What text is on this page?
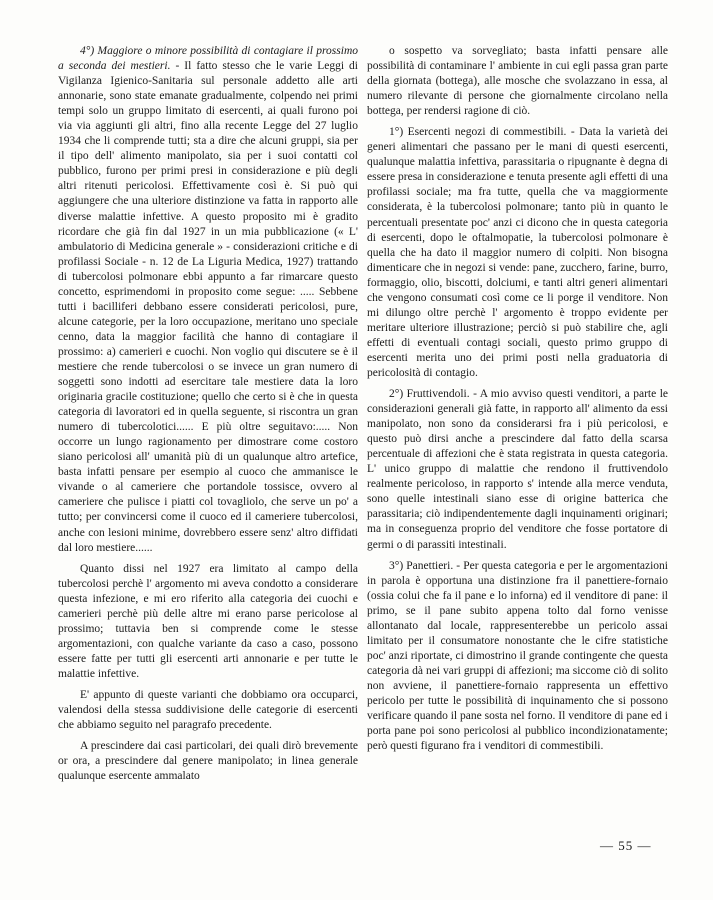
4°) Maggiore o minore possibilità di contagiare il prossimo a seconda dei mestieri. - Il fatto stesso che le varie Leggi di Vigilanza Igienico-Sanitaria sul personale addetto alle arti annonarie, sono state emanate gradualmente, colpendo nei primi tempi solo un gruppo limitato di esercenti, ai quali furono poi via via aggiunti gli altri, fino alla recente Legge del 27 luglio 1934 che li comprende tutti; sta a dire che alcuni gruppi, sia per il tipo dell' alimento manipolato, sia per i suoi contatti col pubblico, furono per primi presi in considerazione e più degli altri ritenuti pericolosi. Effettivamente così è. Si può qui aggiungere che una ulteriore distinzione va fatta in rapporto alle diverse malattie infettive. A questo proposito mi è gradito ricordare che già fin dal 1927 in un mia pubblicazione (« L' ambulatorio di Medicina generale » - considerazioni critiche e di profilassi Sociale - n. 12 de La Liguria Medica, 1927) trattando di tubercolosi polmonare ebbi appunto a far rimarcare questo concetto, esprimendomi in proposito come segue: ..... Sebbene tutti i bacilliferi debbano essere considerati pericolosi, pure, alcune categorie, per la loro occupazione, meritano uno speciale cenno, data la maggior facilità che hanno di contagiare il prossimo: a) camerieri e cuochi. Non voglio qui discutere se è il mestiere che rende tubercolosi o se invece un gran numero di soggetti sono indotti ad esercitare tale mestiere data la loro originaria gracile costituzione; quello che certo si è che in questa categoria di lavoratori ed in quella seguente, si riscontra un gran numero di tubercolotici...... E più oltre seguitavo:..... Non occorre un lungo ragionamento per dimostrare come costoro siano pericolosi all' umanità più di un qualunque altro artefice, basta infatti pensare per esempio al cuoco che ammanisce le vivande o al cameriere che portandole tossisce, ovvero al cameriere che pulisce i piatti col tovagliolo, che serve un po' a tutto; per convincersi come il cuoco ed il cameriere tubercolosi, anche con lesioni minime, dovrebbero essere senz' altro diffidati dal loro mestiere......

Quanto dissi nel 1927 era limitato al campo della tubercolosi perchè l' argomento mi aveva condotto a considerare questa infezione, e mi ero riferito alla categoria dei cuochi e camerieri perchè più delle altre mi erano parse pericolose al prossimo; tuttavia ben si comprende come le stesse argomentazioni, con qualche variante da caso a caso, possono essere fatte per tutti gli esercenti arti annonarie e per tutte le malattie infettive.

E' appunto di queste varianti che dobbiamo ora occuparci, valendosi della stessa suddivisione delle categorie di esercenti che abbiamo seguito nel paragrafo precedente.

A prescindere dai casi particolari, dei quali dirò brevemente or ora, a prescindere dal genere manipolato; in linea generale qualunque esercente ammalato

o sospetto va sorvegliato; basta infatti pensare alle possibilità di contaminare l' ambiente in cui egli passa gran parte della giornata (bottega), alle mosche che svolazzano in essa, al numero rilevante di persone che giornalmente circolano nella bottega, per rendersi ragione di ciò.

1°) Esercenti negozi di commestibili. - Data la varietà dei generi alimentari che passano per le mani di questi esercenti, qualunque malattia infettiva, parassitaria o ripugnante è degna di essere presa in considerazione e tenuta presente agli effetti di una profilassi sociale; ma fra tutte, quella che va maggiormente considerata, è la tubercolosi polmonare; tanto più in quanto le percentuali presentate poc' anzi ci dicono che in questa categoria di esercenti, dopo le oftalmopatie, la tubercolosi polmonare è quella che ha dato il maggior numero di colpiti. Non bisogna dimenticare che in negozi si vende: pane, zucchero, farine, burro, formaggio, olio, biscotti, dolciumi, e tanti altri generi alimentari che vengono consumati così come ce li porge il venditore. Non mi dilungo oltre perchè l' argomento è troppo evidente per meritare ulteriore illustrazione; perciò si può stabilire che, agli effetti di eventuali contagi sociali, questo primo gruppo di esercenti merita uno dei primi posti nella graduatoria di pericolosità di contagio.

2°) Fruttivendoli. - A mio avviso questi venditori, a parte le considerazioni generali già fatte, in rapporto all' alimento da essi manipolato, non sono da considerarsi fra i più pericolosi, e questo può dirsi anche a prescindere dal fatto della scarsa percentuale di affezioni che è stata registrata in questa categoria. L' unico gruppo di malattie che rendono il fruttivendolo realmente pericoloso, in rapporto s' intende alla merce venduta, sono quelle intestinali siano esse di origine batterica che parassitaria; ciò indipendentemente dagli inquinamenti originari; ma in conseguenza proprio del venditore che fosse portatore di germi o di parassiti intestinali.

3°) Panettieri. - Per questa categoria e per le argomentazioni in parola è opportuna una distinzione fra il panettiere-fornaio (ossia colui che fa il pane e lo inforna) ed il venditore di pane: il primo, se il pane subito appena tolto dal forno venisse allontanato dal locale, rappresenterebbe un pericolo assai limitato per il consumatore nonostante che le cifre statistiche poc' anzi riportate, ci dimostrino il grande contingente che questa categoria dà nei vari gruppi di affezioni; ma siccome ciò di solito non avviene, il panettiere-fornaio rappresenta un effettivo pericolo per tutte le possibilità di inquinamento che si possono verificare quando il pane sosta nel forno. Il venditore di pane ed i porta pane poi sono pericolosi al pubblico incondizionatamente; però questi figurano fra i venditori di commestibili.

— 55 —
